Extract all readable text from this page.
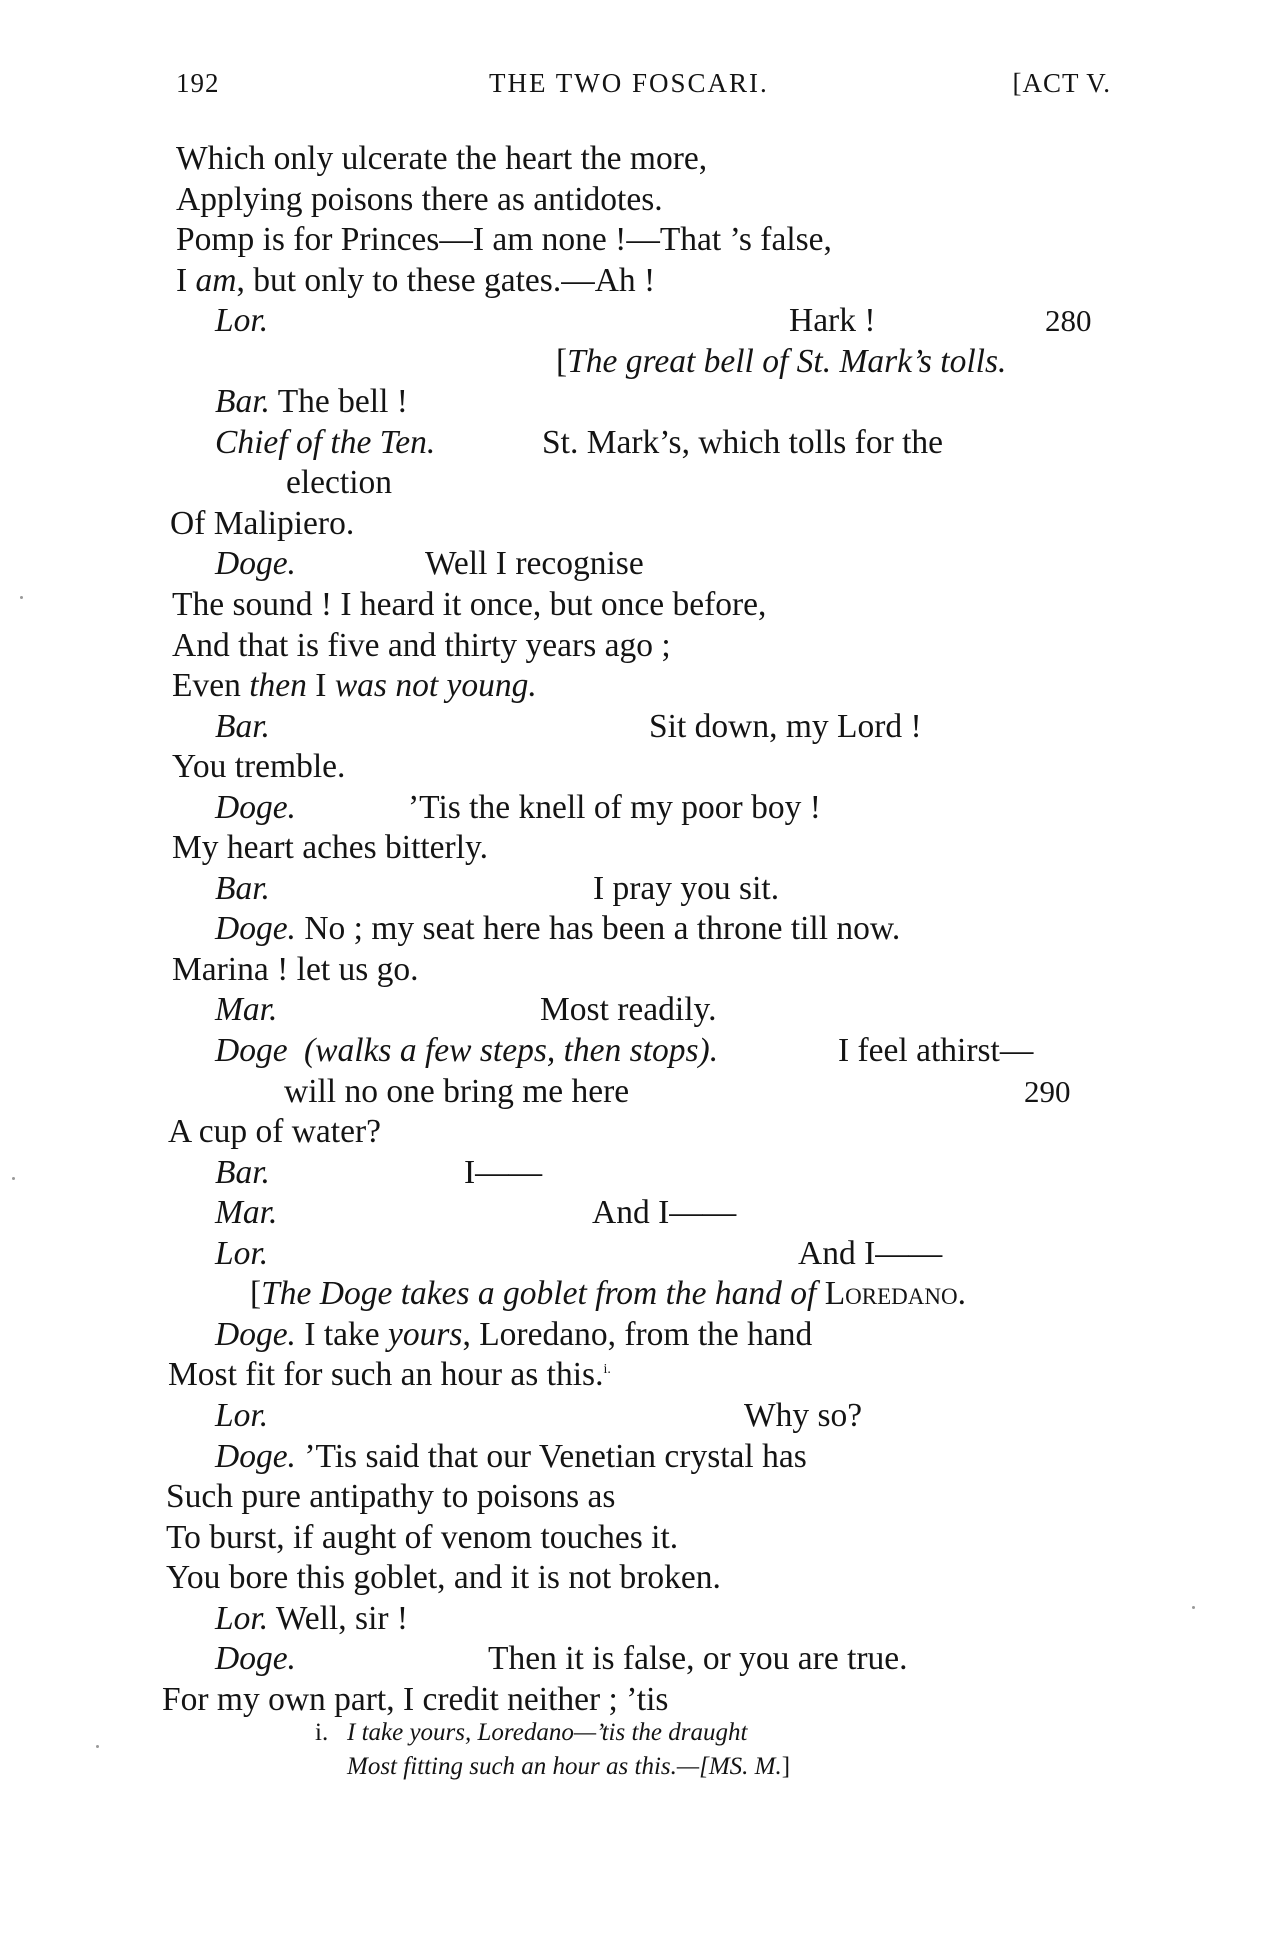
192	THE TWO FOSCARI.	[ACT V.
Which only ulcerate the heart the more,
Applying poisons there as antidotes.
Pomp is for Princes—I am none !—That ’s false,
I am, but only to these gates.—Ah !
Lor.	Hark !	280
[The great bell of St. Mark’s tolls.
Bar. The bell !
Chief of the Ten.	St. Mark’s, which tolls for the
election
Of Malipiero.
Doge.	Well I recognise
The sound ! I heard it once, but once before,
And that is five and thirty years ago ;
Even then I was not young.
Bar.	Sit down, my Lord !
You tremble.
Doge.	’Tis the knell of my poor boy !
My heart aches bitterly.
Bar.	I pray you sit.
Doge. No ; my seat here has been a throne till now.
Marina ! let us go.
Mar.	Most readily.
Doge (walks a few steps, then stops).	I feel athirst—
will no one bring me here	290
A cup of water?
Bar.	I——
Mar.	And I——
Lor.	And I——
[The Doge takes a goblet from the hand of Loredano.
Doge. I take yours, Loredano, from the hand
Most fit for such an hour as this.$^{i.}$
Lor.	Why so?
Doge. ’Tis said that our Venetian crystal has
Such pure antipathy to poisons as
To burst, if aught of venom touches it.
You bore this goblet, and it is not broken.
Lor. Well, sir !
Doge.	Then it is false, or you are true.
For my own part, I credit neither ; ’tis
i. I take yours, Loredano—’tis the draught
Most fitting such an hour as this.—[MS. M.]
